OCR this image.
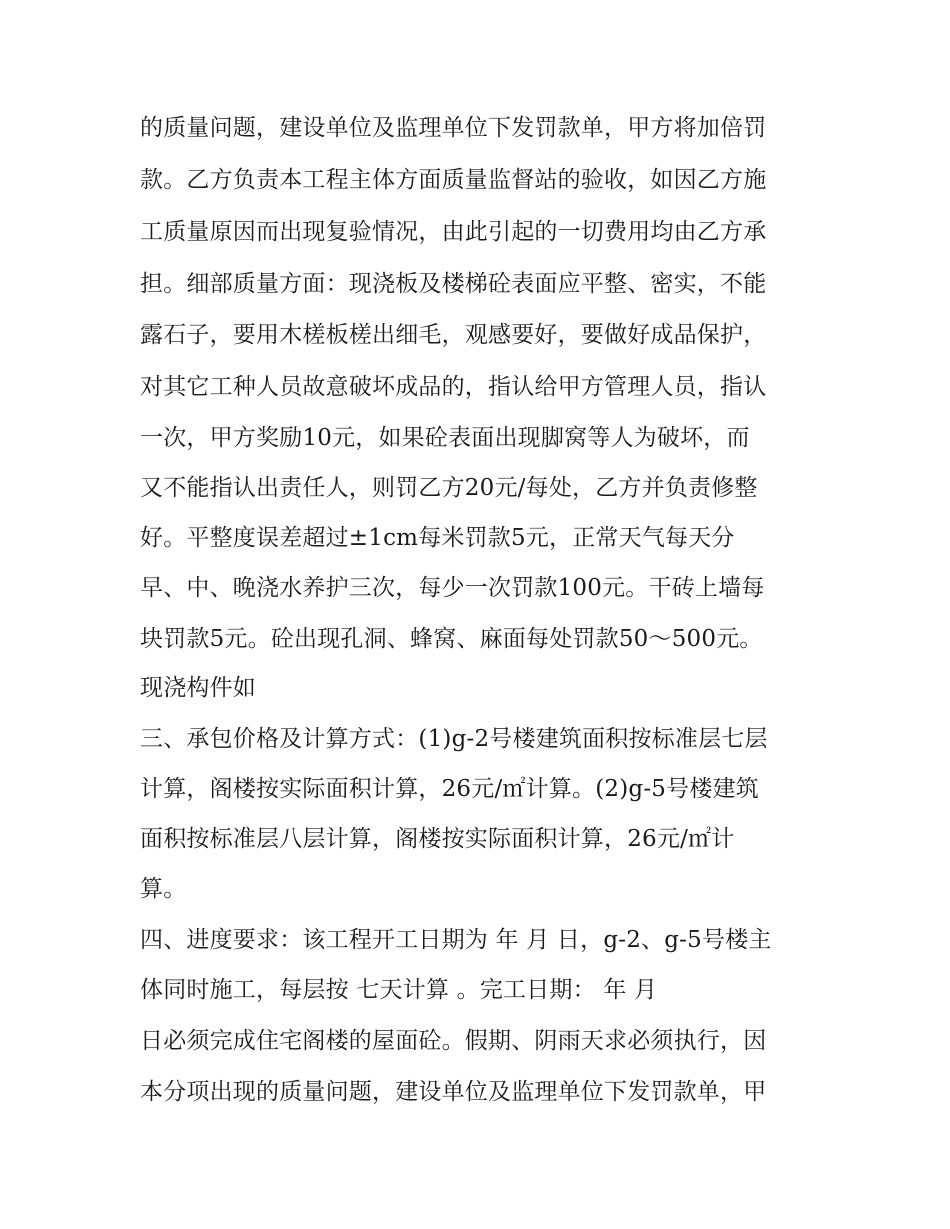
的质量问题，建设单位及监理单位下发罚款单，甲方将加倍罚
款。乙方负责本工程主体方面质量监督站的验收，如因乙方施
工质量原因而出现复验情况，由此引起的一切费用均由乙方承
担。细部质量方面：现浇板及楼梯砼表面应平整、密实，不能
露石子，要用木槎板槎出细毛，观感要好，要做好成品保护，
对其它工种人员故意破坏成品的，指认给甲方管理人员，指认
一次，甲方奖励10元，如果砼表面出现脚窝等人为破坏，而
又不能指认出责任人，则罚乙方20元/每处，乙方并负责修整
好。平整度误差超过±1cm每米罚款5元，正常天气每天分
早、中、晚浇水养护三次，每少一次罚款100元。干砖上墙每
块罚款5元。砼出现孔洞、蜂窝、麻面每处罚款50～500元。
现浇构件如
三、承包价格及计算方式：(1)g-2号楼建筑面积按标准层七层
计算，阁楼按实际面积计算，26元/㎡计算。(2)g-5号楼建筑
面积按标准层八层计算，阁楼按实际面积计算，26元/㎡计
算。
四、进度要求：该工程开工日期为 年 月 日，g-2、g-5号楼主
体同时施工，每层按 七天计算 。完工日期： 年 月
日必须完成住宅阁楼的屋面砼。假期、阴雨天求必须执行，因
本分项出现的质量问题，建设单位及监理单位下发罚款单，甲
